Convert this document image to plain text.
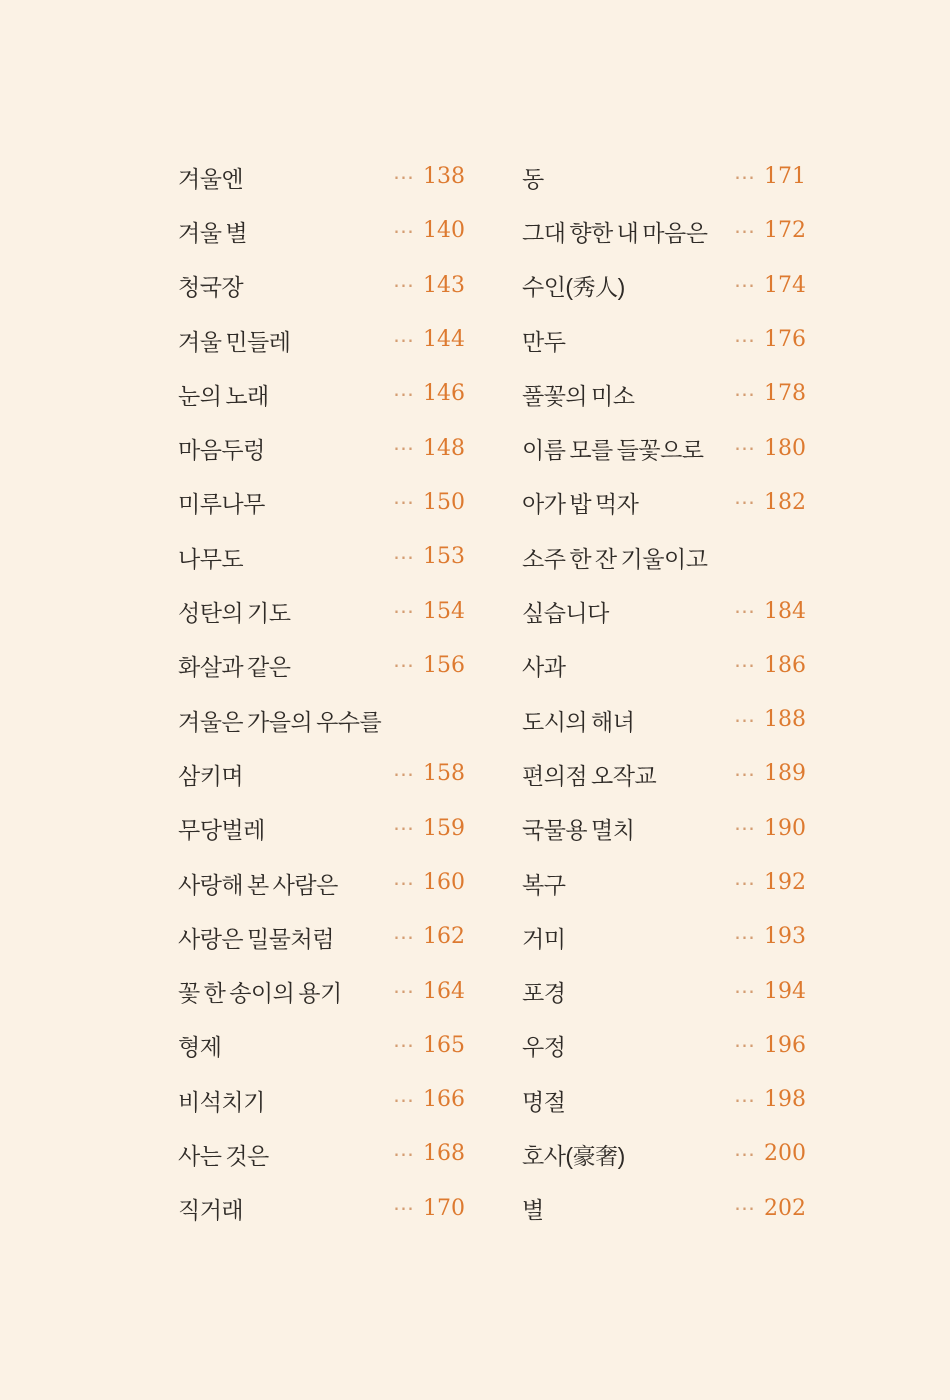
겨울엔	⋯ 138
겨울 별	⋯ 140
청국장	⋯ 143
겨울 민들레	⋯ 144
눈의 노래	⋯ 146
마음두렁	⋯ 148
미루나무	⋯ 150
나무도	⋯ 153
성탄의 기도	⋯ 154
화살과 같은	⋯ 156
겨울은 가을의 우수를
삼키며	⋯ 158
무당벌레	⋯ 159
사랑해 본 사람은	⋯ 160
사랑은 밀물처럼	⋯ 162
꽃 한 송이의 용기 ⋯ 164
형제	⋯ 165
비석치기	⋯ 166
사는 것은	⋯ 168
직거래	⋯ 170
동	⋯ 171
그대 향한 내 마음은 ⋯ 172
수인(秀人)	⋯ 174
만두	⋯ 176
풀꽃의 미소	⋯ 178
이름 모를 들꽃으로 ⋯ 180
아가 밥 먹자	⋯ 182
소주 한 잔 기울이고
싶습니다	⋯ 184
사과	⋯ 186
도시의 해녀	⋯ 188
편의점 오작교	⋯ 189
국물용 멸치	⋯ 190
복구	⋯ 192
거미	⋯ 193
포경	⋯ 194
우정	⋯ 196
명절	⋯ 198
호사(豪奢)	⋯ 200
별	⋯ 202
